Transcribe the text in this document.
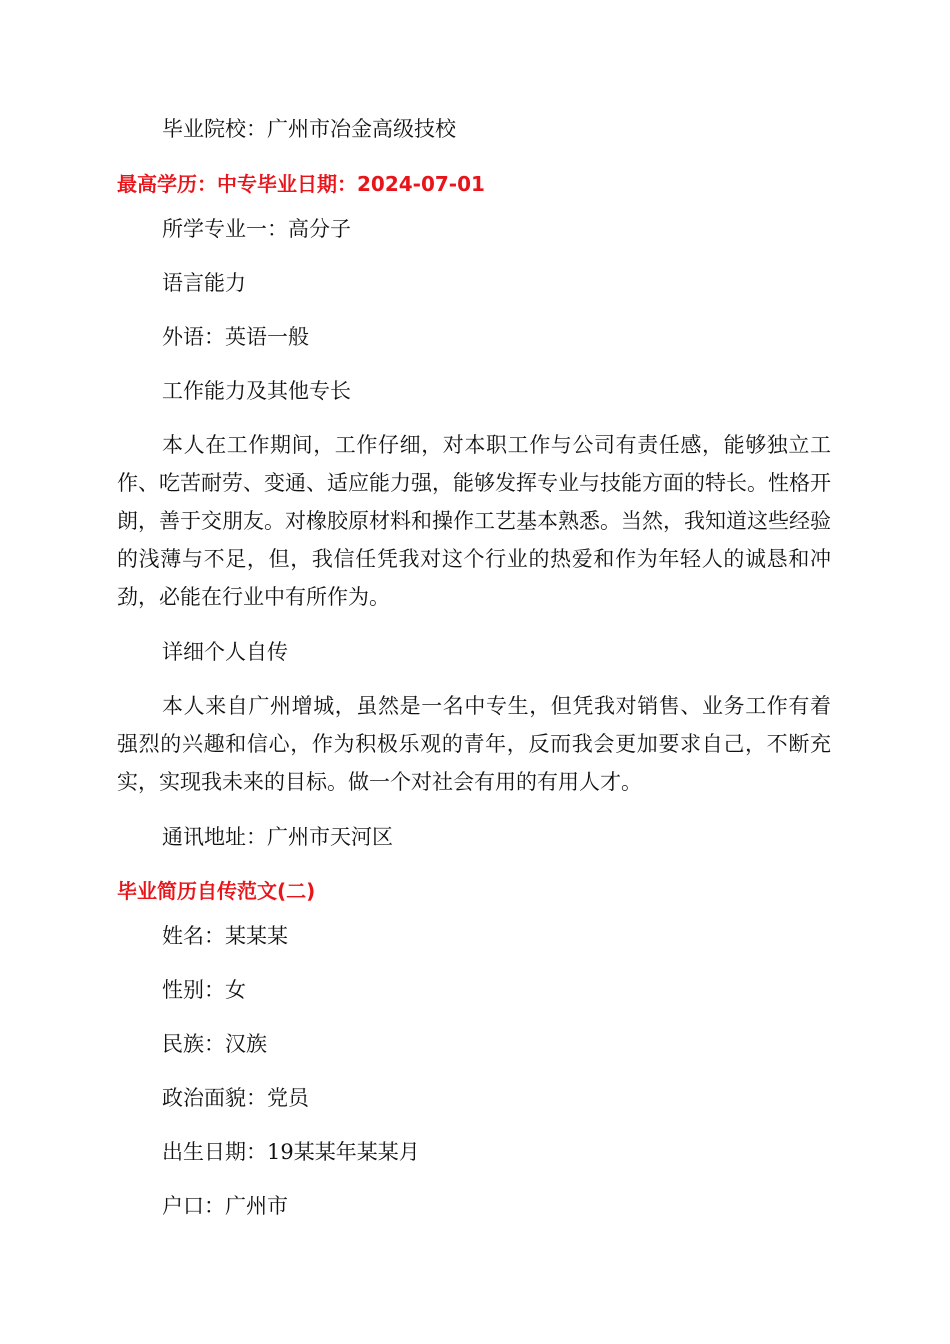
毕业院校：广州市冶金高级技校
最高学历：中专毕业日期：2024-07-01
所学专业一：高分子
语言能力
外语：英语一般
工作能力及其他专长
本人在工作期间，工作仔细，对本职工作与公司有责任感，能够独立工作、吃苦耐劳、变通、适应能力强，能够发挥专业与技能方面的特长。性格开朗，善于交朋友。对橡胶原材料和操作工艺基本熟悉。当然，我知道这些经验的浅薄与不足，但，我信任凭我对这个行业的热爱和作为年轻人的诚恳和冲劲，必能在行业中有所作为。
详细个人自传
本人来自广州增城，虽然是一名中专生，但凭我对销售、业务工作有着强烈的兴趣和信心，作为积极乐观的青年，反而我会更加要求自己，不断充实，实现我未来的目标。做一个对社会有用的有用人才。
通讯地址：广州市天河区
毕业简历自传范文(二)
姓名：某某某
性别：女
民族：汉族
政治面貌：党员
出生日期：19某某年某某月
户口：广州市
